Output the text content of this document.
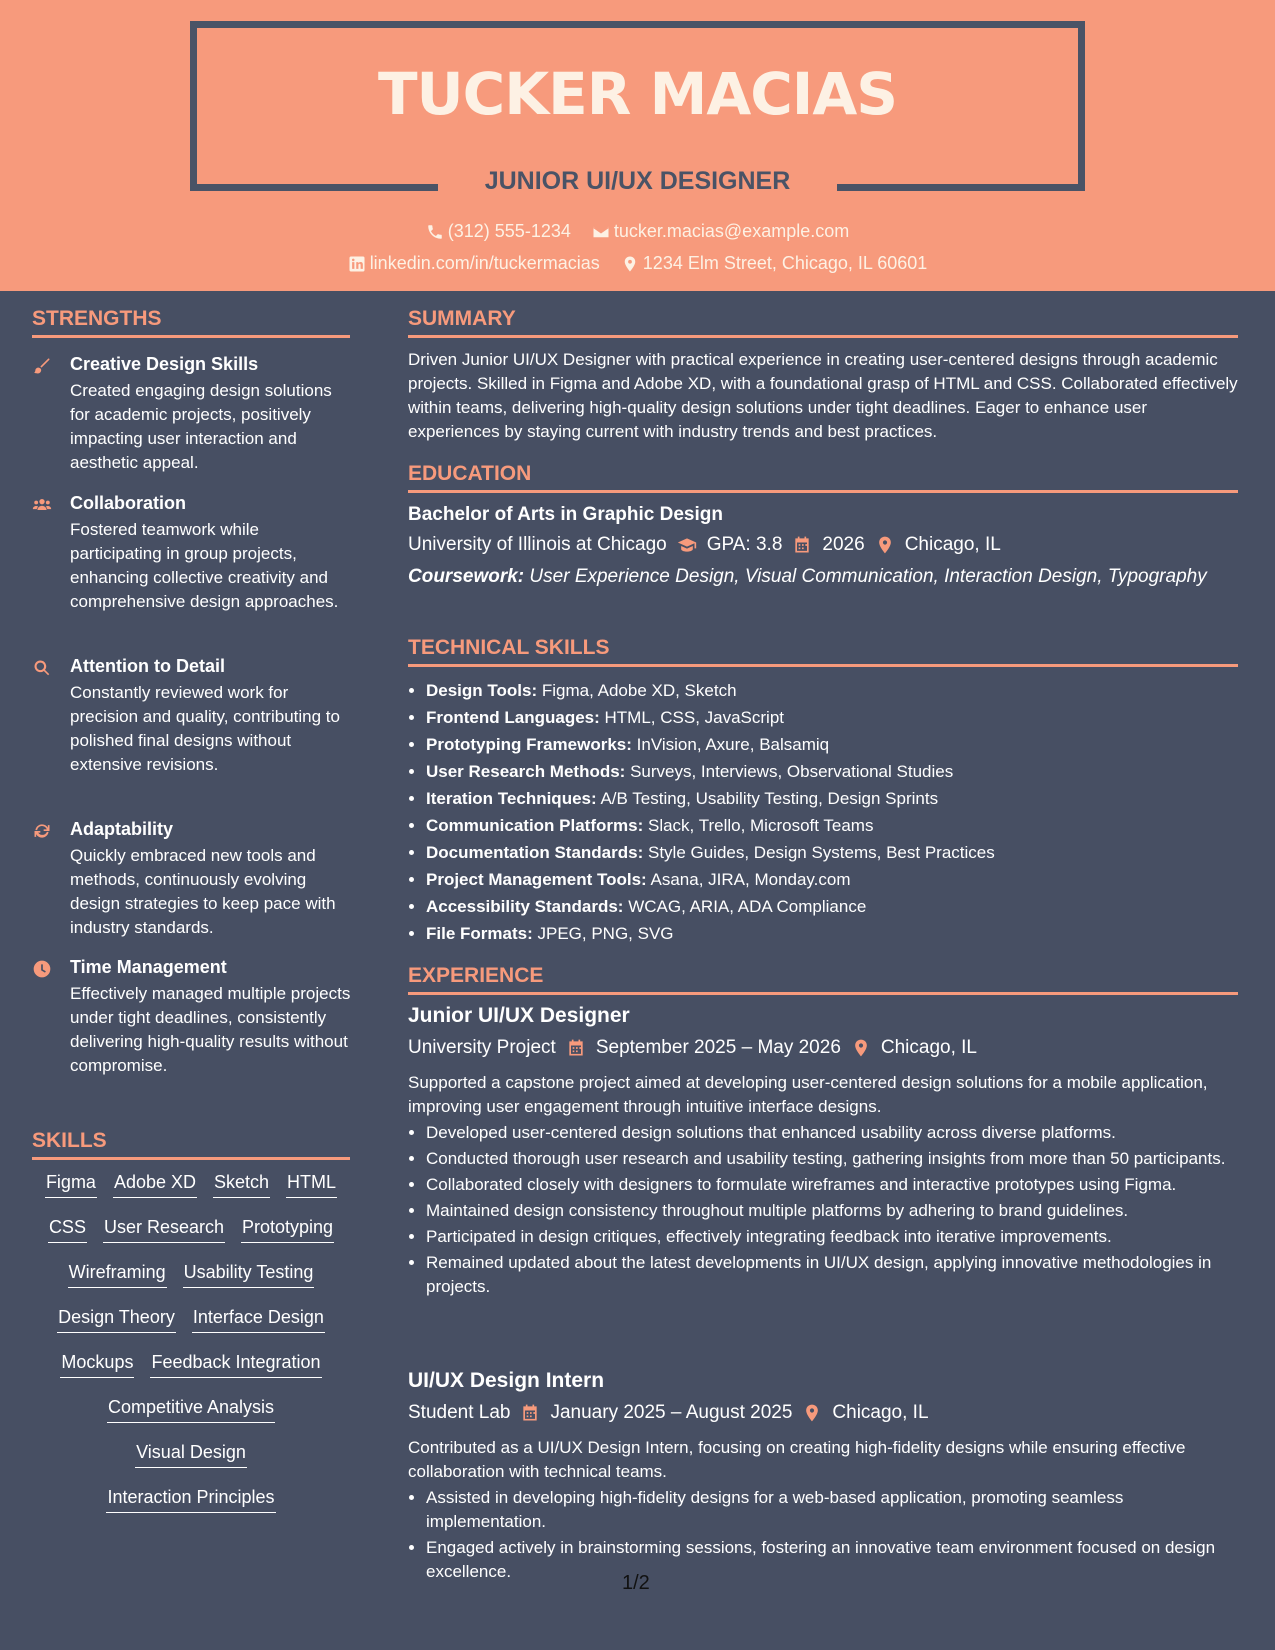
TUCKER MACIAS
JUNIOR UI/UX DESIGNER
(312) 555-1234
tucker.macias@example.com
linkedin.com/in/tuckermacias
1234 Elm Street, Chicago, IL 60601
STRENGTHS
Creative Design Skills
Created engaging design solutions for academic projects, positively impacting user interaction and aesthetic appeal.
Collaboration
Fostered teamwork while participating in group projects, enhancing collective creativity and comprehensive design approaches.
Attention to Detail
Constantly reviewed work for precision and quality, contributing to polished final designs without extensive revisions.
Adaptability
Quickly embraced new tools and methods, continuously evolving design strategies to keep pace with industry standards.
Time Management
Effectively managed multiple projects under tight deadlines, consistently delivering high-quality results without compromise.
SKILLS
Figma Adobe XD Sketch HTML
CSS User Research Prototyping
Wireframing Usability Testing
Design Theory Interface Design
Mockups Feedback Integration
Competitive Analysis
Visual Design
Interaction Principles
SUMMARY
Driven Junior UI/UX Designer with practical experience in creating user-centered designs through academic projects. Skilled in Figma and Adobe XD, with a foundational grasp of HTML and CSS. Collaborated effectively within teams, delivering high-quality design solutions under tight deadlines. Eager to enhance user experiences by staying current with industry trends and best practices.
EDUCATION
Bachelor of Arts in Graphic Design
University of Illinois at Chicago GPA: 3.8 2026 Chicago, IL
Coursework: User Experience Design, Visual Communication, Interaction Design, Typography
TECHNICAL SKILLS
• Design Tools: Figma, Adobe XD, Sketch
• Frontend Languages: HTML, CSS, JavaScript
• Prototyping Frameworks: InVision, Axure, Balsamiq
• User Research Methods: Surveys, Interviews, Observational Studies
• Iteration Techniques: A/B Testing, Usability Testing, Design Sprints
• Communication Platforms: Slack, Trello, Microsoft Teams
• Documentation Standards: Style Guides, Design Systems, Best Practices
• Project Management Tools: Asana, JIRA, Monday.com
• Accessibility Standards: WCAG, ARIA, ADA Compliance
• File Formats: JPEG, PNG, SVG
EXPERIENCE
Junior UI/UX Designer
University Project September 2025 – May 2026 Chicago, IL
Supported a capstone project aimed at developing user-centered design solutions for a mobile application, improving user engagement through intuitive interface designs.
• Developed user-centered design solutions that enhanced usability across diverse platforms.
• Conducted thorough user research and usability testing, gathering insights from more than 50 participants.
• Collaborated closely with designers to formulate wireframes and interactive prototypes using Figma.
• Maintained design consistency throughout multiple platforms by adhering to brand guidelines.
• Participated in design critiques, effectively integrating feedback into iterative improvements.
• Remained updated about the latest developments in UI/UX design, applying innovative methodologies in projects.
UI/UX Design Intern
Student Lab January 2025 – August 2025 Chicago, IL
Contributed as a UI/UX Design Intern, focusing on creating high-fidelity designs while ensuring effective collaboration with technical teams.
• Assisted in developing high-fidelity designs for a web-based application, promoting seamless implementation.
• Engaged actively in brainstorming sessions, fostering an innovative team environment focused on design excellence.
1/2
